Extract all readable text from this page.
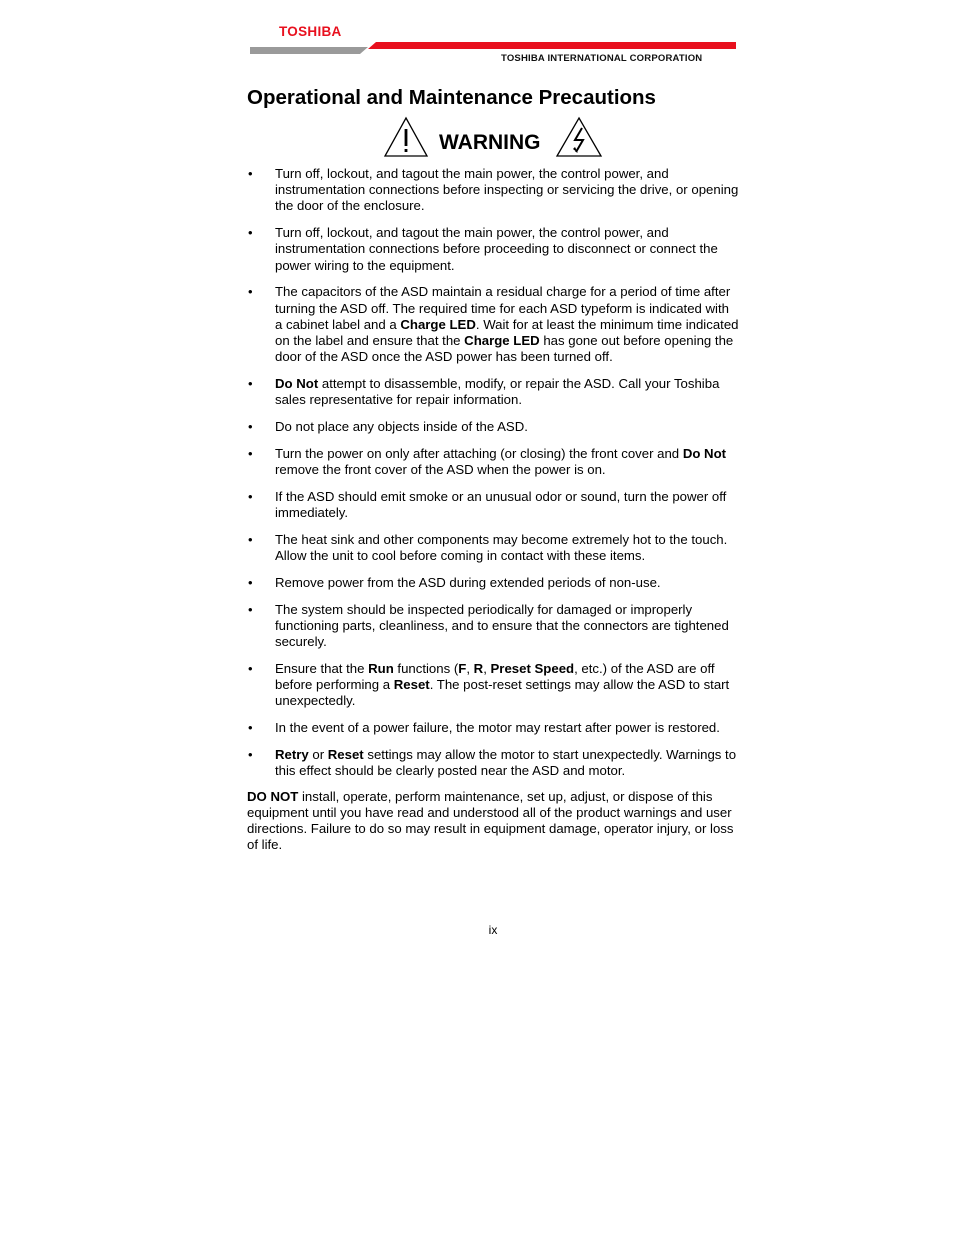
TOSHIBA
TOSHIBA INTERNATIONAL CORPORATION
Operational and Maintenance Precautions
WARNING
• Turn off, lockout, and tagout the main power, the control power, and instrumentation connections before inspecting or servicing the drive, or opening the door of the enclosure.
• Turn off, lockout, and tagout the main power, the control power, and instrumentation connections before proceeding to disconnect or connect the power wiring to the equipment.
• The capacitors of the ASD maintain a residual charge for a period of time after turning the ASD off. The required time for each ASD typeform is indicated with a cabinet label and a Charge LED. Wait for at least the minimum time indicated on the label and ensure that the Charge LED has gone out before opening the door of the ASD once the ASD power has been turned off.
• Do Not attempt to disassemble, modify, or repair the ASD. Call your Toshiba sales representative for repair information.
• Do not place any objects inside of the ASD.
• Turn the power on only after attaching (or closing) the front cover and Do Not remove the front cover of the ASD when the power is on.
• If the ASD should emit smoke or an unusual odor or sound, turn the power off immediately.
• The heat sink and other components may become extremely hot to the touch. Allow the unit to cool before coming in contact with these items.
• Remove power from the ASD during extended periods of non-use.
• The system should be inspected periodically for damaged or improperly functioning parts, cleanliness, and to ensure that the connectors are tightened securely.
• Ensure that the Run functions (F, R, Preset Speed, etc.) of the ASD are off before performing a Reset. The post-reset settings may allow the ASD to start unexpectedly.
• In the event of a power failure, the motor may restart after power is restored.
• Retry or Reset settings may allow the motor to start unexpectedly. Warnings to this effect should be clearly posted near the ASD and motor.

DO NOT install, operate, perform maintenance, set up, adjust, or dispose of this equipment until you have read and understood all of the product warnings and user directions. Failure to do so may result in equipment damage, operator injury, or loss of life.

ix
